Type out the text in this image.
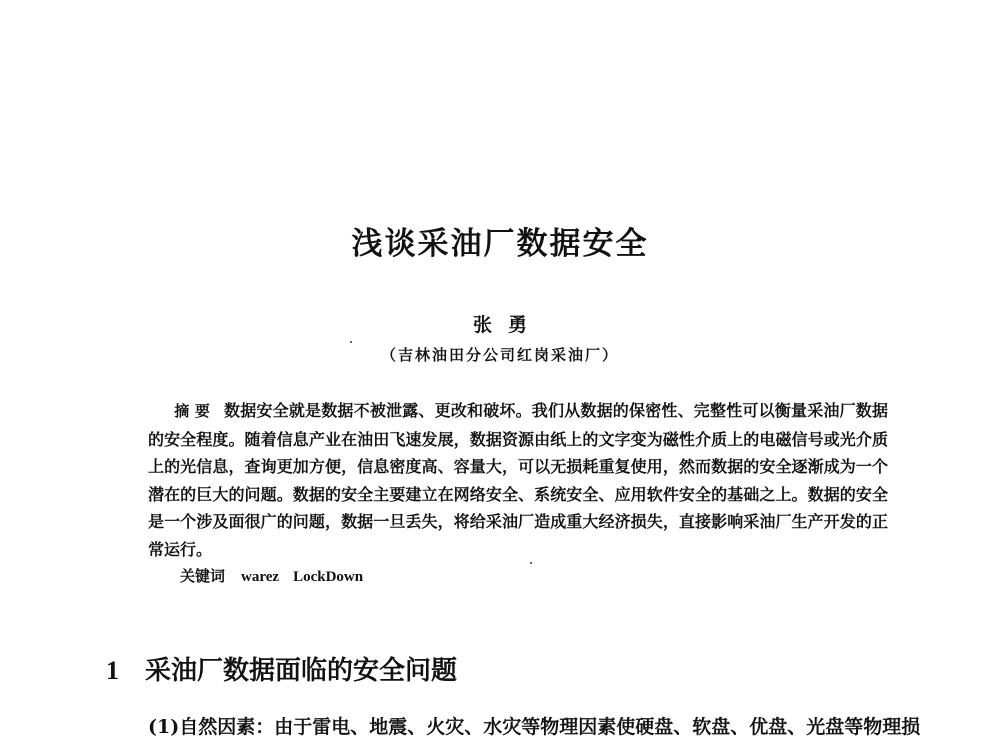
浅谈采油厂数据安全
张勇
（吉林油田分公司红岗采油厂）
摘 要 数据安全就是数据不被泄露、更改和破坏。我们从数据的保密性、完整性可以衡量采油厂数据的安全程度。随着信息产业在油田飞速发展，数据资源由纸上的文字变为磁性介质上的电磁信号或光介质上的光信息，查询更加方便，信息密度高、容量大，可以无损耗重复使用，然而数据的安全逐渐成为一个潜在的巨大的问题。数据的安全主要建立在网络安全、系统安全、应用软件安全的基础之上。数据的安全是一个涉及面很广的问题，数据一旦丢失，将给采油厂造成重大经济损失，直接影响采油厂生产开发的正常运行。
关键词 warez LockDown
1 采油厂数据面临的安全问题
(1)自然因素：由于雷电、地震、火灾、水灾等物理因素使硬盘、软盘、优盘、光盘等物理损
